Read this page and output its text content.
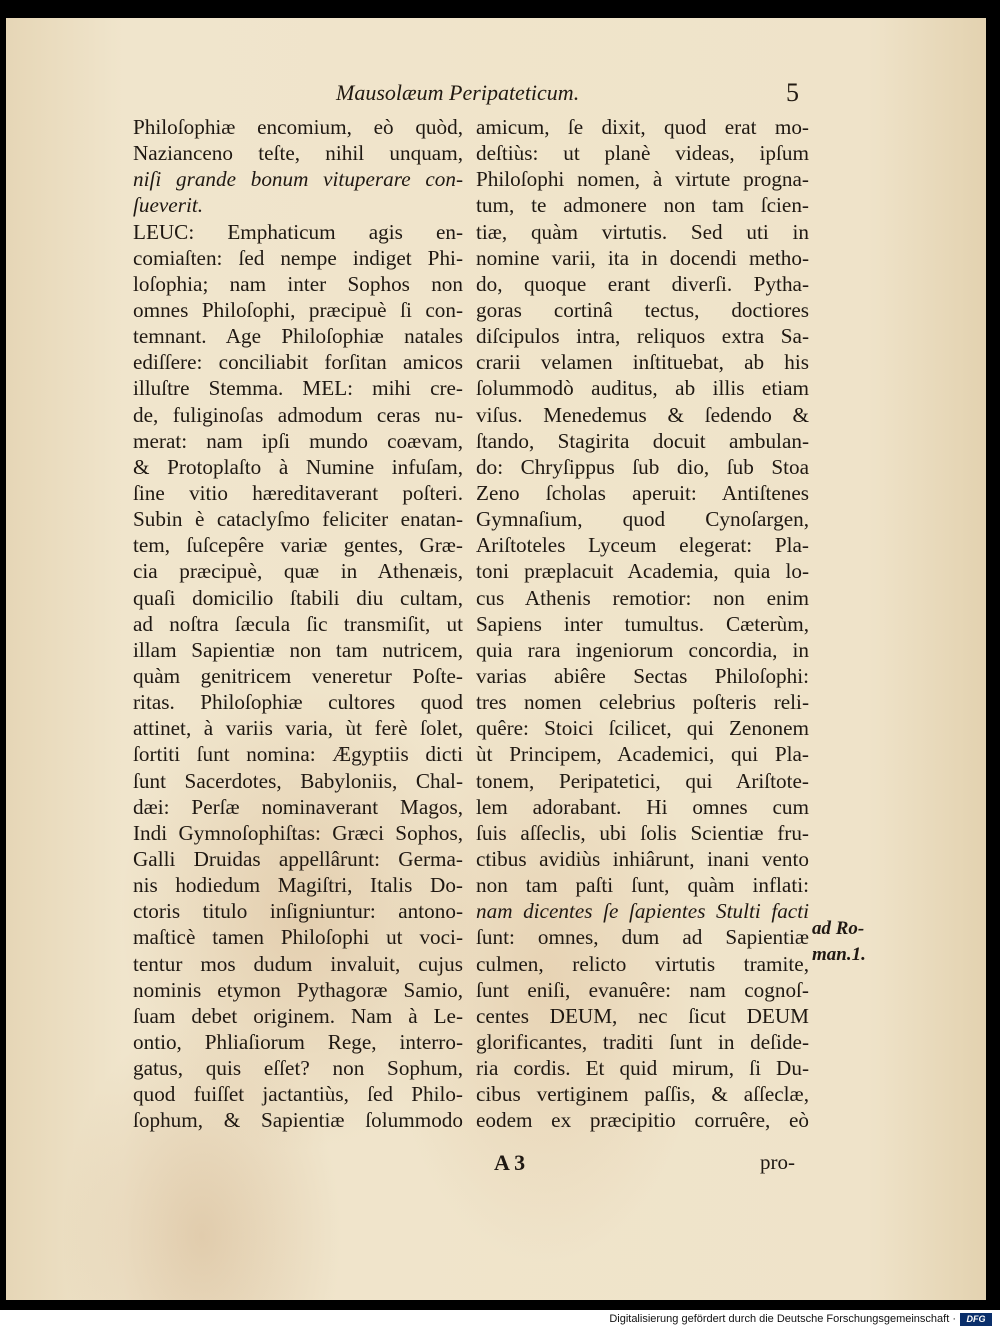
Mausolæum Peripateticum.	5
Philoſophiæ encomium, eò quòd,
Nazianceno teſte, nihil unquam,
niſi grande bonum vituperare con-
ſueverit.
LEUC: Emphaticum agis en-
comiaſten: ſed nempe indiget Phi-
loſophia; nam inter Sophos non
omnes Philoſophi, præcipuè ſi con-
temnant. Age Philoſophiæ natales
ediſſere: conciliabit forſitan amicos
illuſtre Stemma. MEL: mihi cre-
de, fuliginoſas admodum ceras nu-
merat: nam ipſi mundo coævam,
& Protoplaſto à Numine infuſam,
ſine vitio hæreditaverant poſteri.
Subin è cataclyſmo feliciter enatan-
tem, ſuſcepêre variæ gentes, Græ-
cia præcipuè, quæ in Athenæis,
quaſi domicilio ſtabili diu cultam,
ad noſtra ſæcula ſic transmiſit, ut
illam Sapientiæ non tam nutricem,
quàm genitricem veneretur Poſte-
ritas. Philoſophiæ cultores quod
attinet, à variis varia, ùt ferè ſolet,
ſortiti ſunt nomina: Ægyptiis dicti
ſunt Sacerdotes, Babyloniis, Chal-
dæi: Perſæ nominaverant Magos,
Indi Gymnoſophiſtas: Græci Sophos,
Galli Druidas appellârunt: Germa-
nis hodiedum Magiſtri, Italis Do-
ctoris titulo inſigniuntur: antono-
maſticè tamen Philoſophi ut voci-
tentur mos dudum invaluit, cujus
nominis etymon Pythagoræ Samio,
ſuam debet originem. Nam à Le-
ontio, Phliaſiorum Rege, interro-
gatus, quis eſſet? non Sophum,
quod fuiſſet jactantiùs, ſed Philo-
ſophum, & Sapientiæ ſolummodo
amicum, ſe dixit, quod erat mo-
deſtiùs: ut planè videas, ipſum
Philoſophi nomen, à virtute progna-
tum, te admonere non tam ſcien-
tiæ, quàm virtutis. Sed uti in
nomine varii, ita in docendi metho-
do, quoque erant diverſi. Pytha-
goras cortinâ tectus, doctiores
diſcipulos intra, reliquos extra Sa-
crarii velamen inſtituebat, ab his
ſolummodò auditus, ab illis etiam
viſus. Menedemus & ſedendo &
ſtando, Stagirita docuit ambulan-
do: Chryſippus ſub dio, ſub Stoa
Zeno ſcholas aperuit: Antiſtenes
Gymnaſium, quod Cynoſargen,
Ariſtoteles Lyceum elegerat: Pla-
toni præplacuit Academia, quia lo-
cus Athenis remotior: non enim
Sapiens inter tumultus. Cæterùm,
quia rara ingeniorum concordia, in
varias abiêre Sectas Philoſophi:
tres nomen celebrius poſteris reli-
quêre: Stoici ſcilicet, qui Zenonem
ùt Principem, Academici, qui Pla-
tonem, Peripatetici, qui Ariſtote-
lem adorabant. Hi omnes cum
ſuis aſſeclis, ubi ſolis Scientiæ fru-
ctibus avidiùs inhiârunt, inani vento
non tam paſti ſunt, quàm inflati:
nam dicentes ſe ſapientes Stulti facti
ſunt: omnes, dum ad Sapientiæ
culmen, relicto virtutis tramite,
ſunt eniſi, evanuêre: nam cognoſ-
centes DEUM, nec ſicut DEUM
glorificantes, traditi ſunt in deſide-
ria cordis. Et quid mirum, ſi Du-
cibus vertiginem paſſis, & aſſeclæ,
eodem ex præcipitio corruêre, eò
ad Ro-
man.1.
A 3	pro-
Digitalisierung gefördert durch die Deutsche Forschungsgemeinschaft ·	DFG
